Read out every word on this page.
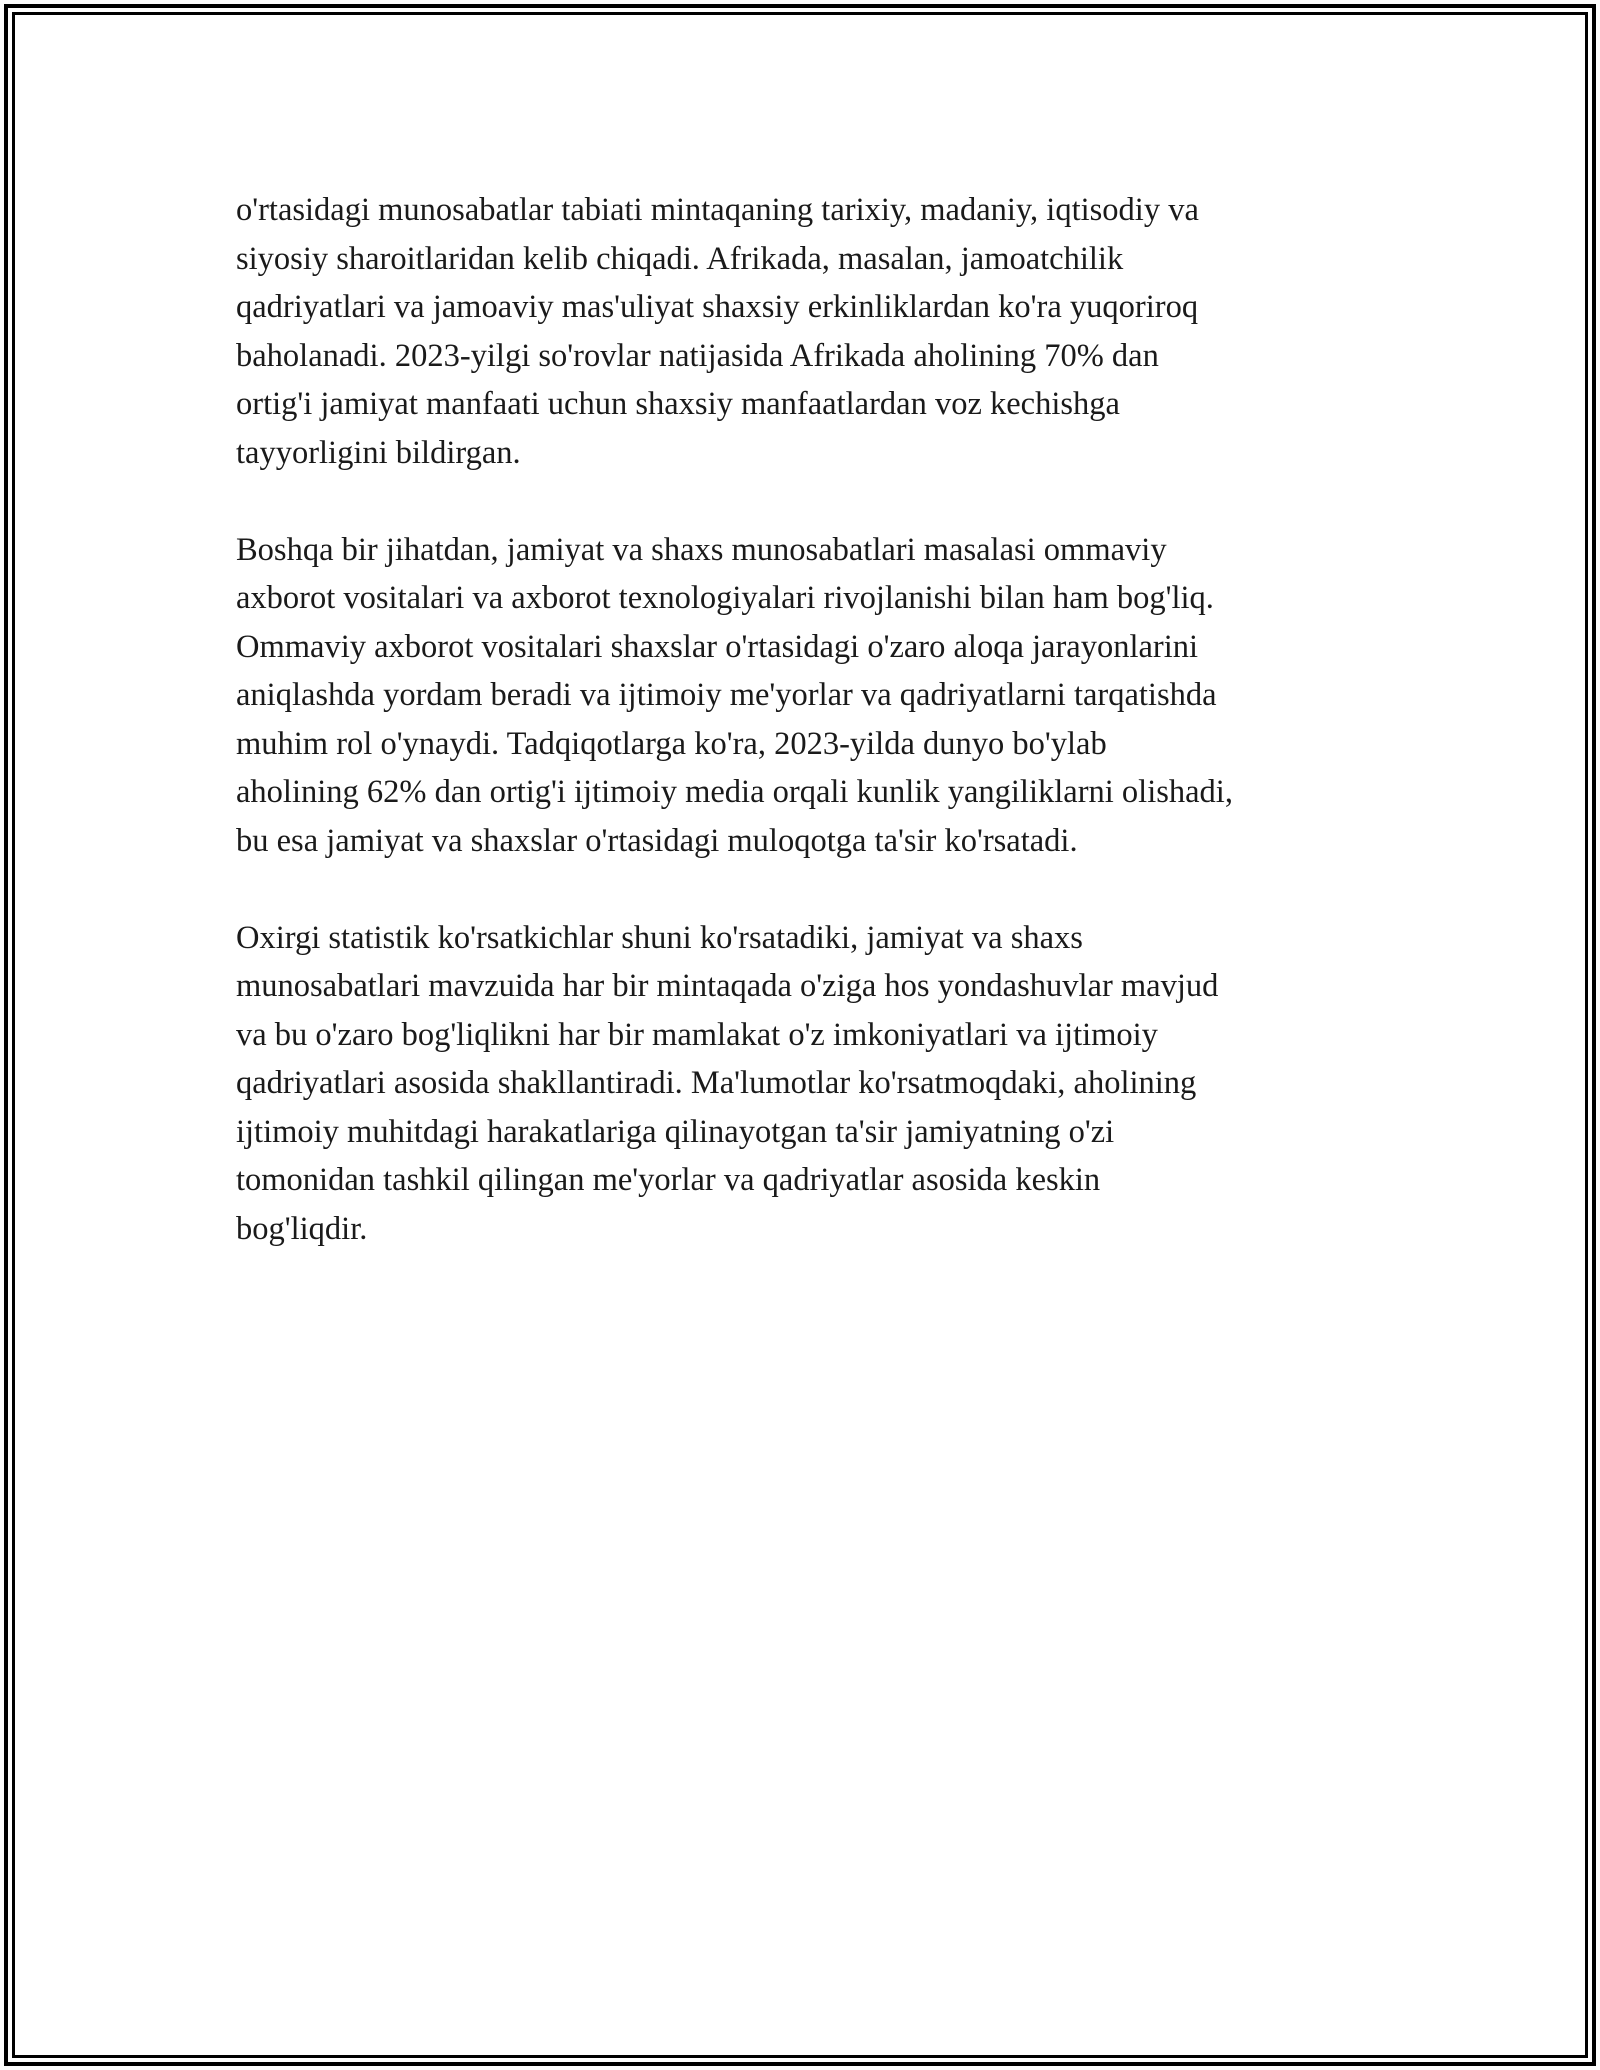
o'rtasidagi munosabatlar tabiati mintaqaning tarixiy, madaniy, iqtisodiy va
siyosiy sharoitlaridan kelib chiqadi. Afrikada, masalan, jamoatchilik
qadriyatlari va jamoaviy mas'uliyat shaxsiy erkinliklardan ko'ra yuqoriroq
baholanadi. 2023-yilgi so'rovlar natijasida Afrikada aholining 70% dan
ortig'i jamiyat manfaati uchun shaxsiy manfaatlardan voz kechishga
tayyorligini bildirgan.

Boshqa bir jihatdan, jamiyat va shaxs munosabatlari masalasi ommaviy
axborot vositalari va axborot texnologiyalari rivojlanishi bilan ham bog'liq.
Ommaviy axborot vositalari shaxslar o'rtasidagi o'zaro aloqa jarayonlarini
aniqlashda yordam beradi va ijtimoiy me'yorlar va qadriyatlarni tarqatishda
muhim rol o'ynaydi. Tadqiqotlarga ko'ra, 2023-yilda dunyo bo'ylab
aholining 62% dan ortig'i ijtimoiy media orqali kunlik yangiliklarni olishadi,
bu esa jamiyat va shaxslar o'rtasidagi muloqotga ta'sir ko'rsatadi.

Oxirgi statistik ko'rsatkichlar shuni ko'rsatadiki, jamiyat va shaxs
munosabatlari mavzuida har bir mintaqada o'ziga hos yondashuvlar mavjud
va bu o'zaro bog'liqlikni har bir mamlakat o'z imkoniyatlari va ijtimoiy
qadriyatlari asosida shakllantiradi. Ma'lumotlar ko'rsatmoqdaki, aholining
ijtimoiy muhitdagi harakatlariga qilinayotgan ta'sir jamiyatning o'zi
tomonidan tashkil qilingan me'yorlar va qadriyatlar asosida keskin
bog'liqdir.
